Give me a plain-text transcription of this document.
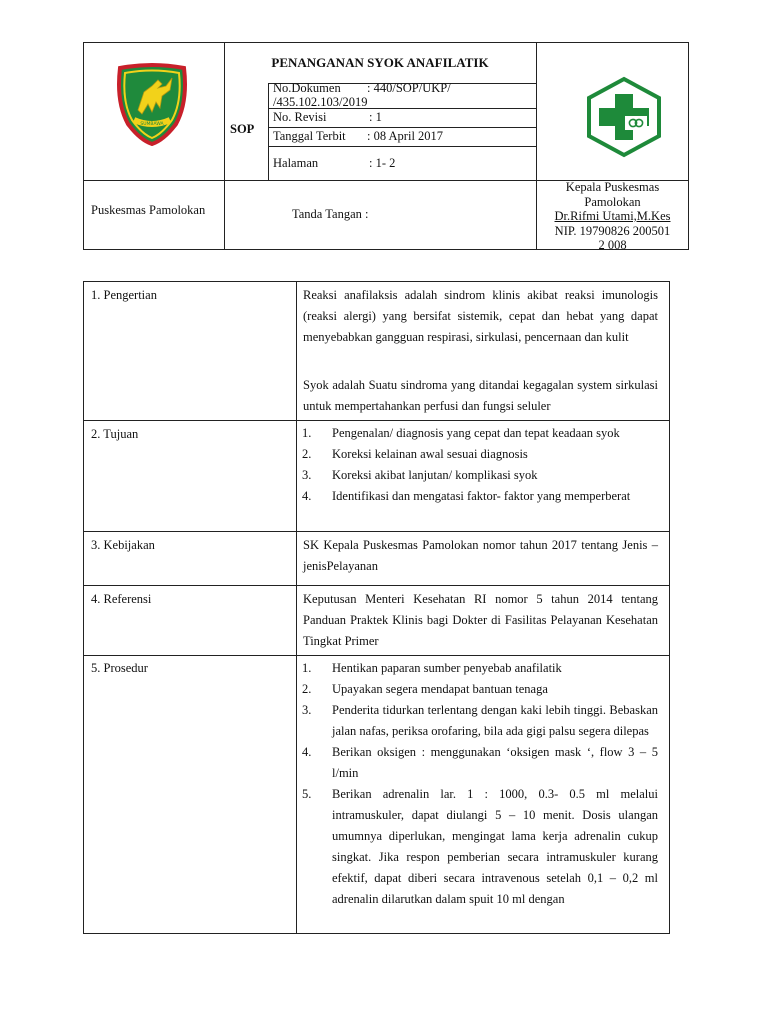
SUMBAWA
PENANGANAN SYOK ANAFILATIK
SOP
No.Dokumen : 440/SOP/UKP/
/435.102.103/2019
No. Revisi	: 1
Tanggal Terbit : 08 April 2017
Halaman	: 1- 2
Puskesmas Pamolokan	Tanda Tangan :
Kepala Puskesmas
Pamolokan
Dr.Rifmi Utami,M.Kes
NIP. 19790826 200501
2 008
1. Pengertian	Reaksi anafilaksis adalah sindrom klinis akibat reaksi imunologis (reaksi alergi) yang bersifat sistemik, cepat dan hebat yang dapat menyebabkan gangguan respirasi, sirkulasi, pencernaan dan kulit
Syok adalah Suatu sindroma yang ditandai kegagalan system sirkulasi untuk mempertahankan perfusi dan fungsi seluler
2. Tujuan	1. Pengenalan/ diagnosis yang cepat dan tepat keadaan syok
2. Koreksi kelainan awal sesuai diagnosis
3. Koreksi akibat lanjutan/ komplikasi syok
4. Identifikasi dan mengatasi faktor- faktor yang memperberat
3. Kebijakan	SK Kepala Puskesmas Pamolokan nomor tahun 2017 tentang Jenis – jenisPelayanan
4. Referensi	Keputusan Menteri Kesehatan RI nomor 5 tahun 2014 tentang Panduan Praktek Klinis bagi Dokter di Fasilitas Pelayanan Kesehatan Tingkat Primer
5. Prosedur	1. Hentikan paparan sumber penyebab anafilatik
2. Upayakan segera mendapat bantuan tenaga
3. Penderita tidurkan terlentang dengan kaki lebih tinggi. Bebaskan jalan nafas, periksa orofaring, bila ada gigi palsu segera dilepas
4. Berikan oksigen : menggunakan ‘oksigen mask ‘, flow 3 – 5 l/min
5. Berikan adrenalin lar. 1 : 1000, 0.3- 0.5 ml melalui intramuskuler, dapat diulangi 5 – 10 menit. Dosis ulangan umumnya diperlukan, mengingat lama kerja adrenalin cukup singkat. Jika respon pemberian secara intramuskuler kurang efektif, dapat diberi secara intravenous setelah 0,1 – 0,2 ml adrenalin dilarutkan dalam spuit 10 ml dengan
